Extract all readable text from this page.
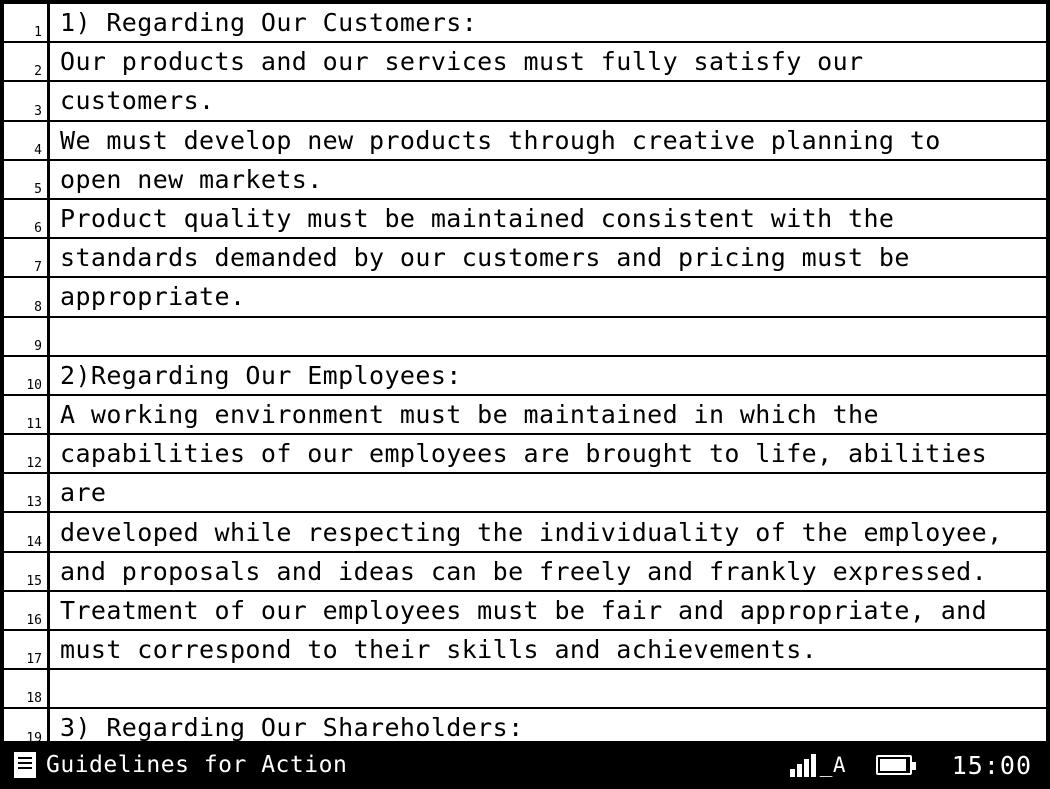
1 1) Regarding Our Customers:
2 Our products and our services must fully satisfy our
3 customers.
4 We must develop new products through creative planning to
5 open new markets.
6 Product quality must be maintained consistent with the
7 standards demanded by our customers and pricing must be
8 appropriate.
9
10 2)Regarding Our Employees:
11 A working environment must be maintained in which the
12 capabilities of our employees are brought to life, abilities
13 are
14 developed while respecting the individuality of the employee,
15 and proposals and ideas can be freely and frankly expressed.
16 Treatment of our employees must be fair and appropriate, and
17 must correspond to their skills and achievements.
18
19 3) Regarding Our Shareholders:
Guidelines for Action	_A	15:00
